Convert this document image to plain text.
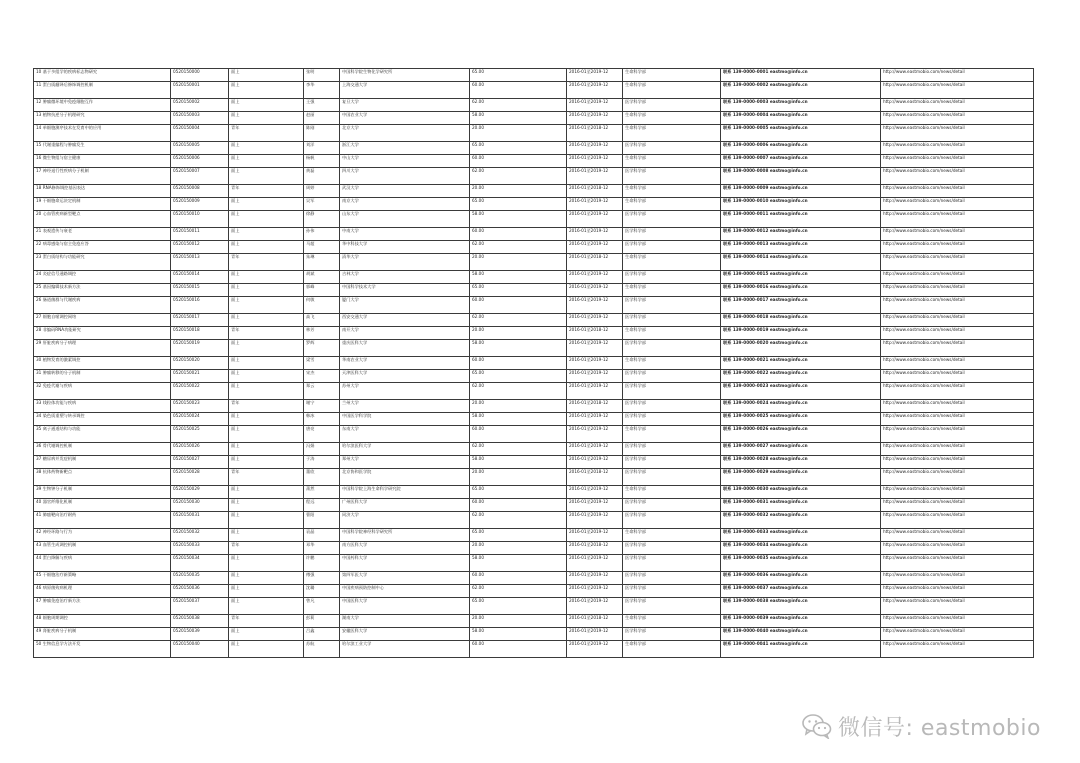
10 基于多组学的疾病标志物研究	0520150000	面上	张明	中国科学院生物化学研究所	65.00	2016-01至2019-12	生命科学部	联系 139-0000-0001 eastmo@info.cn	http://www.eastmobio.com/news/detail
11 蛋白质翻译后修饰调控机制	0520150001	面上	李华	上海交通大学	60.00	2016-01至2019-12	生命科学部	联系 139-0000-0002 eastmo@info.cn	http://www.eastmobio.com/news/detail
12 肿瘤微环境中免疫细胞互作	0520150002	面上	王强	复旦大学	62.00	2016-01至2019-12	医学科学部	联系 139-0000-0003 eastmo@info.cn	http://www.eastmobio.com/news/detail
13 植物抗逆分子机理研究	0520150003	面上	赵丽	中国农业大学	58.00	2016-01至2019-12	生命科学部	联系 139-0000-0004 eastmo@info.cn	http://www.eastmobio.com/news/detail
14 单细胞测序技术在发育中的应用	0520150004	青年	陈刚	北京大学	20.00	2016-01至2018-12	生命科学部	联系 139-0000-0005 eastmo@info.cn	http://www.eastmobio.com/news/detail
15 代谢重编程与肿瘤发生	0520150005	面上	刘洋	浙江大学	65.00	2016-01至2019-12	医学科学部	联系 139-0000-0006 eastmo@info.cn	http://www.eastmobio.com/news/detail
16 微生物组与宿主健康	0520150006	面上	杨帆	中山大学	60.00	2016-01至2019-12	生命科学部	联系 139-0000-0007 eastmo@info.cn	http://www.eastmobio.com/news/detail
17 神经退行性疾病分子机制	0520150007	面上	黄磊	四川大学	62.00	2016-01至2019-12	医学科学部	联系 139-0000-0008 eastmo@info.cn	http://www.eastmobio.com/news/detail
18 RNA修饰调控基因表达	0520150008	青年	周婷	武汉大学	20.00	2016-01至2018-12	生命科学部	联系 139-0000-0009 eastmo@info.cn	http://www.eastmobio.com/news/detail
19 干细胞命运决定机制	0520150009	面上	吴军	南京大学	65.00	2016-01至2019-12	生命科学部	联系 139-0000-0010 eastmo@info.cn	http://www.eastmobio.com/news/detail
20 心血管疾病新型靶点	0520150010	面上	徐静	山东大学	58.00	2016-01至2019-12	医学科学部	联系 139-0000-0011 eastmo@info.cn	http://www.eastmobio.com/news/detail
21 表观遗传与衰老	0520150011	面上	孙伟	中南大学	60.00	2016-01至2019-12	医学科学部	联系 139-0000-0012 eastmo@info.cn	http://www.eastmobio.com/news/detail
22 病毒感染与宿主免疫应答	0520150012	面上	马超	华中科技大学	62.00	2016-01至2019-12	医学科学部	联系 139-0000-0013 eastmo@info.cn	http://www.eastmobio.com/news/detail
23 蛋白质结构与功能研究	0520150013	青年	朱琳	清华大学	20.00	2016-01至2018-12	生命科学部	联系 139-0000-0014 eastmo@info.cn	http://www.eastmobio.com/news/detail
24 炎症信号通路调控	0520150014	面上	胡斌	吉林大学	58.00	2016-01至2019-12	医学科学部	联系 139-0000-0015 eastmo@info.cn	http://www.eastmobio.com/news/detail
25 基因编辑技术新方法	0520150015	面上	郭峰	中国科学技术大学	65.00	2016-01至2019-12	生命科学部	联系 139-0000-0016 eastmo@info.cn	http://www.eastmobio.com/news/detail
26 肠道菌群与代谢疾病	0520150016	面上	何敏	厦门大学	60.00	2016-01至2019-12	医学科学部	联系 139-0000-0017 eastmo@info.cn	http://www.eastmobio.com/news/detail
27 细胞自噬调控网络	0520150017	面上	高飞	西安交通大学	62.00	2016-01至2019-12	医学科学部	联系 139-0000-0018 eastmo@info.cn	http://www.eastmobio.com/news/detail
28 非编码RNA功能研究	0520150018	青年	林芳	南开大学	20.00	2016-01至2018-12	生命科学部	联系 139-0000-0019 eastmo@info.cn	http://www.eastmobio.com/news/detail
29 肝脏疾病分子病理	0520150019	面上	罗辉	重庆医科大学	58.00	2016-01至2019-12	医学科学部	联系 139-0000-0020 eastmo@info.cn	http://www.eastmobio.com/news/detail
30 植物发育的激素调控	0520150020	面上	梁雪	华南农业大学	60.00	2016-01至2019-12	生命科学部	联系 139-0000-0021 eastmo@info.cn	http://www.eastmobio.com/news/detail
31 肿瘤转移的分子机制	0520150021	面上	宋杰	天津医科大学	65.00	2016-01至2019-12	医学科学部	联系 139-0000-0022 eastmo@info.cn	http://www.eastmobio.com/news/detail
32 免疫代谢与疾病	0520150022	面上	郑云	苏州大学	62.00	2016-01至2019-12	医学科学部	联系 139-0000-0023 eastmo@info.cn	http://www.eastmobio.com/news/detail
33 线粒体功能与疾病	0520150023	青年	谢宁	兰州大学	20.00	2016-01至2018-12	医学科学部	联系 139-0000-0024 eastmo@info.cn	http://www.eastmobio.com/news/detail
34 染色质重塑与转录调控	0520150024	面上	韩冰	中国医学科学院	58.00	2016-01至2019-12	医学科学部	联系 139-0000-0025 eastmo@info.cn	http://www.eastmobio.com/news/detail
35 离子通道结构与功能	0520150025	面上	唐亮	东南大学	60.00	2016-01至2019-12	生命科学部	联系 139-0000-0026 eastmo@info.cn	http://www.eastmobio.com/news/detail
36 骨代谢调控机制	0520150026	面上	冯娟	哈尔滨医科大学	62.00	2016-01至2019-12	医学科学部	联系 139-0000-0027 eastmo@info.cn	http://www.eastmobio.com/news/detail
37 糖尿病并发症机制	0520150027	面上	于涛	郑州大学	58.00	2016-01至2019-12	医学科学部	联系 139-0000-0028 eastmo@info.cn	http://www.eastmobio.com/news/detail
38 抗体药物新靶点	0520150028	青年	董欣	北京协和医学院	20.00	2016-01至2018-12	医学科学部	联系 139-0000-0029 eastmo@info.cn	http://www.eastmobio.com/news/detail
39 生物钟分子机制	0520150029	面上	萧然	中国科学院上海生命科学研究院	65.00	2016-01至2019-12	生命科学部	联系 139-0000-0030 eastmo@info.cn	http://www.eastmobio.com/news/detail
40 器官纤维化机制	0520150030	面上	程远	广州医科大学	60.00	2016-01至2019-12	医学科学部	联系 139-0000-0031 eastmo@info.cn	http://www.eastmobio.com/news/detail
41 肺癌靶向治疗耐药	0520150031	面上	曹阳	同济大学	62.00	2016-01至2019-12	医学科学部	联系 139-0000-0032 eastmo@info.cn	http://www.eastmobio.com/news/detail
42 神经环路与行为	0520150032	面上	袁晶	中国科学院神经科学研究所	65.00	2016-01至2019-12	生命科学部	联系 139-0000-0033 eastmo@info.cn	http://www.eastmobio.com/news/detail
43 血管生成调控机制	0520150033	青年	邓华	南方医科大学	20.00	2016-01至2018-12	医学科学部	联系 139-0000-0034 eastmo@info.cn	http://www.eastmobio.com/news/detail
44 蛋白降解与疾病	0520150034	面上	许鹏	中国药科大学	58.00	2016-01至2019-12	医学科学部	联系 139-0000-0035 eastmo@info.cn	http://www.eastmobio.com/news/detail
45 干细胞治疗新策略	0520150035	面上	傅强	第四军医大学	60.00	2016-01至2019-12	医学科学部	联系 139-0000-0036 eastmo@info.cn	http://www.eastmobio.com/news/detail
46 病原菌致病机理	0520150036	面上	沈璐	中国疾病预防控制中心	62.00	2016-01至2019-12	医学科学部	联系 139-0000-0037 eastmo@info.cn	http://www.eastmobio.com/news/detail
47 肿瘤免疫治疗新方法	0520150037	面上	曾凡	中国医科大学	65.00	2016-01至2019-12	医学科学部	联系 139-0000-0038 eastmo@info.cn	http://www.eastmobio.com/news/detail
48 细胞周期调控	0520150038	青年	彭莉	湖南大学	20.00	2016-01至2018-12	生命科学部	联系 139-0000-0039 eastmo@info.cn	http://www.eastmobio.com/news/detail
49 肾脏疾病分子机制	0520150039	面上	吕鑫	安徽医科大学	58.00	2016-01至2019-12	医学科学部	联系 139-0000-0040 eastmo@info.cn	http://www.eastmobio.com/news/detail
50 生物信息学方法开发	0520150040	面上	苏航	哈尔滨工业大学	60.00	2016-01至2019-12	生命科学部	联系 139-0000-0041 eastmo@info.cn	http://www.eastmobio.com/news/detail
微信号: eastmobio
